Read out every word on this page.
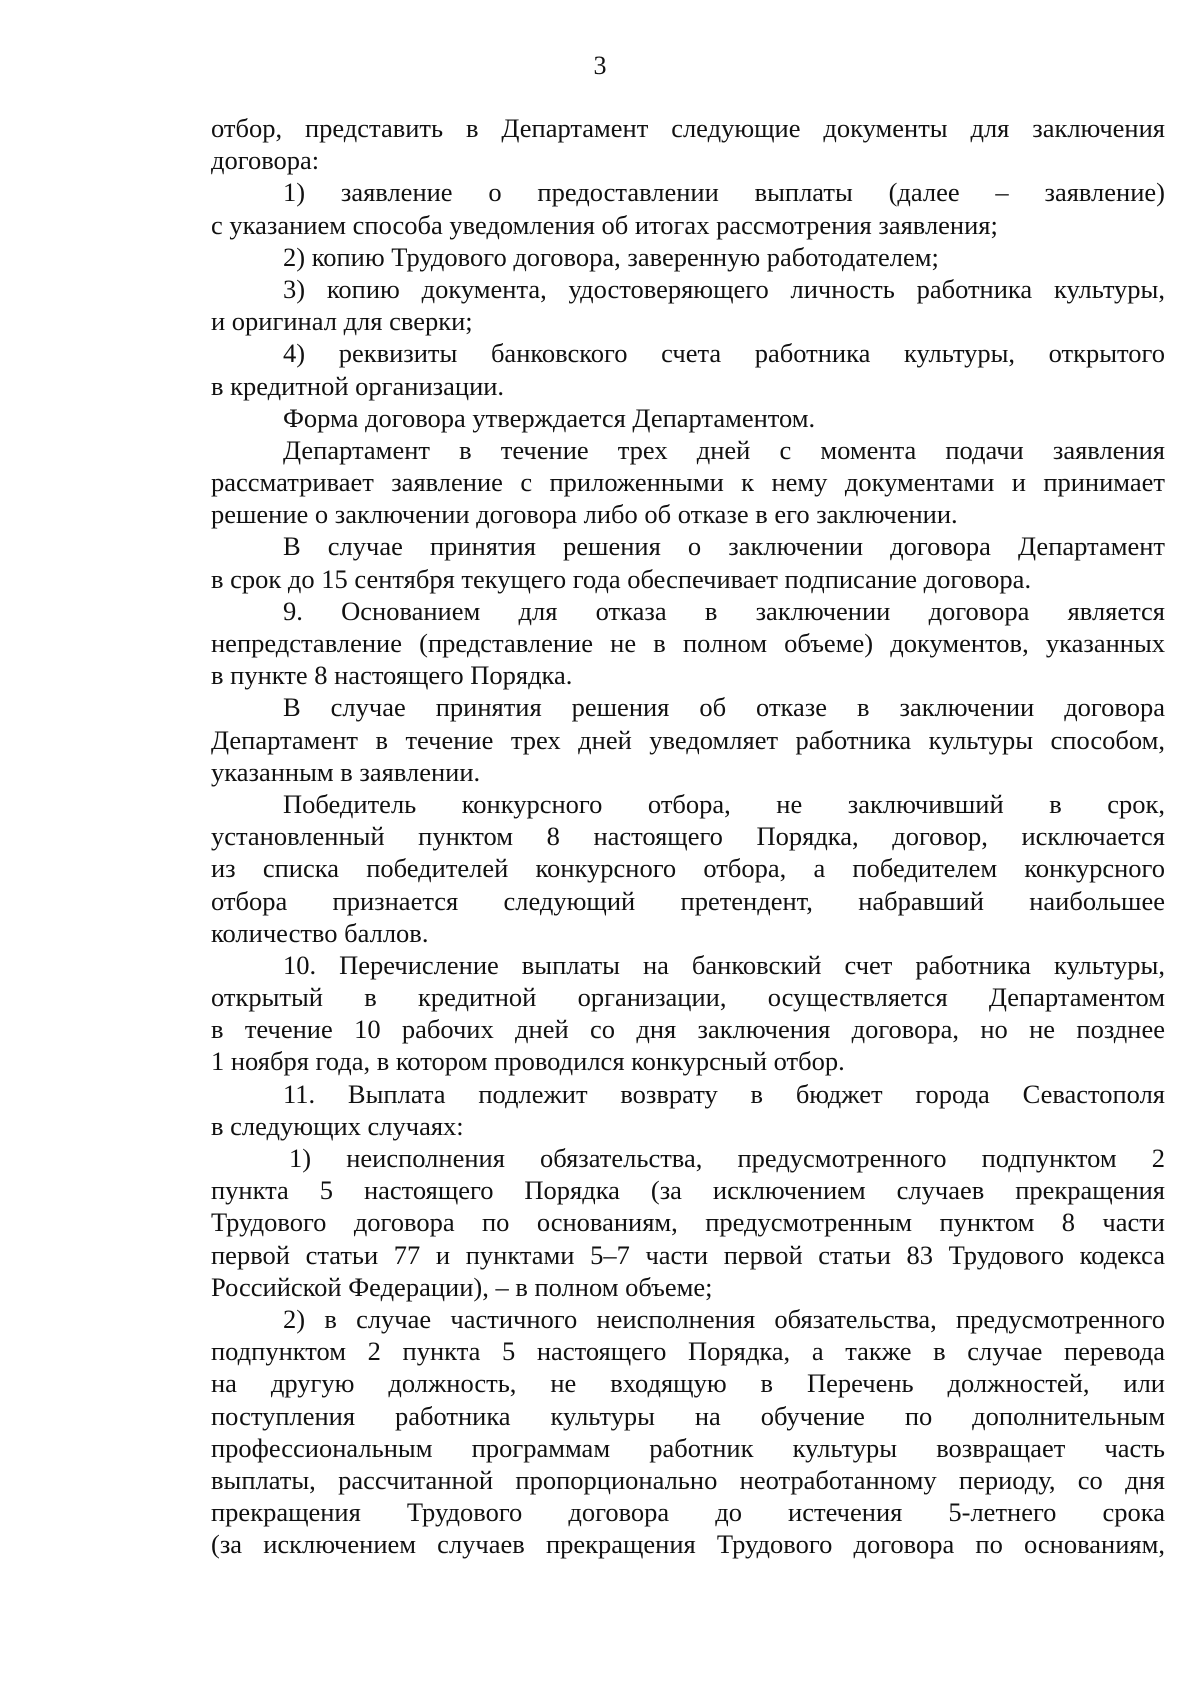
3
отбор, представить в Департамент следующие документы для заключения
договора:
1) заявление о предоставлении выплаты (далее – заявление)
с указанием способа уведомления об итогах рассмотрения заявления;
2) копию Трудового договора, заверенную работодателем;
3) копию документа, удостоверяющего личность работника культуры,
и оригинал для сверки;
4) реквизиты банковского счета работника культуры, открытого
в кредитной организации.
Форма договора утверждается Департаментом.
Департамент в течение трех дней с момента подачи заявления
рассматривает заявление с приложенными к нему документами и принимает
решение о заключении договора либо об отказе в его заключении.
В случае принятия решения о заключении договора Департамент
в срок до 15 сентября текущего года обеспечивает подписание договора.
9. Основанием для отказа в заключении договора является
непредставление (представление не в полном объеме) документов, указанных
в пункте 8 настоящего Порядка.
В случае принятия решения об отказе в заключении договора
Департамент в течение трех дней уведомляет работника культуры способом,
указанным в заявлении.
Победитель конкурсного отбора, не заключивший в срок,
установленный пунктом 8 настоящего Порядка, договор, исключается
из списка победителей конкурсного отбора, а победителем конкурсного
отбора признается следующий претендент, набравший наибольшее
количество баллов.
10. Перечисление выплаты на банковский счет работника культуры,
открытый в кредитной организации, осуществляется Департаментом
в течение 10 рабочих дней со дня заключения договора, но не позднее
1 ноября года, в котором проводился конкурсный отбор.
11. Выплата подлежит возврату в бюджет города Севастополя
в следующих случаях:
1) неисполнения обязательства, предусмотренного подпунктом 2
пункта 5 настоящего Порядка (за исключением случаев прекращения
Трудового договора по основаниям, предусмотренным пунктом 8 части
первой статьи 77 и пунктами 5–7 части первой статьи 83 Трудового кодекса
Российской Федерации), – в полном объеме;
2) в случае частичного неисполнения обязательства, предусмотренного
подпунктом 2 пункта 5 настоящего Порядка, а также в случае перевода
на другую должность, не входящую в Перечень должностей, или
поступления работника культуры на обучение по дополнительным
профессиональным программам работник культуры возвращает часть
выплаты, рассчитанной пропорционально неотработанному периоду, со дня
прекращения Трудового договора до истечения 5-летнего срока
(за исключением случаев прекращения Трудового договора по основаниям,
